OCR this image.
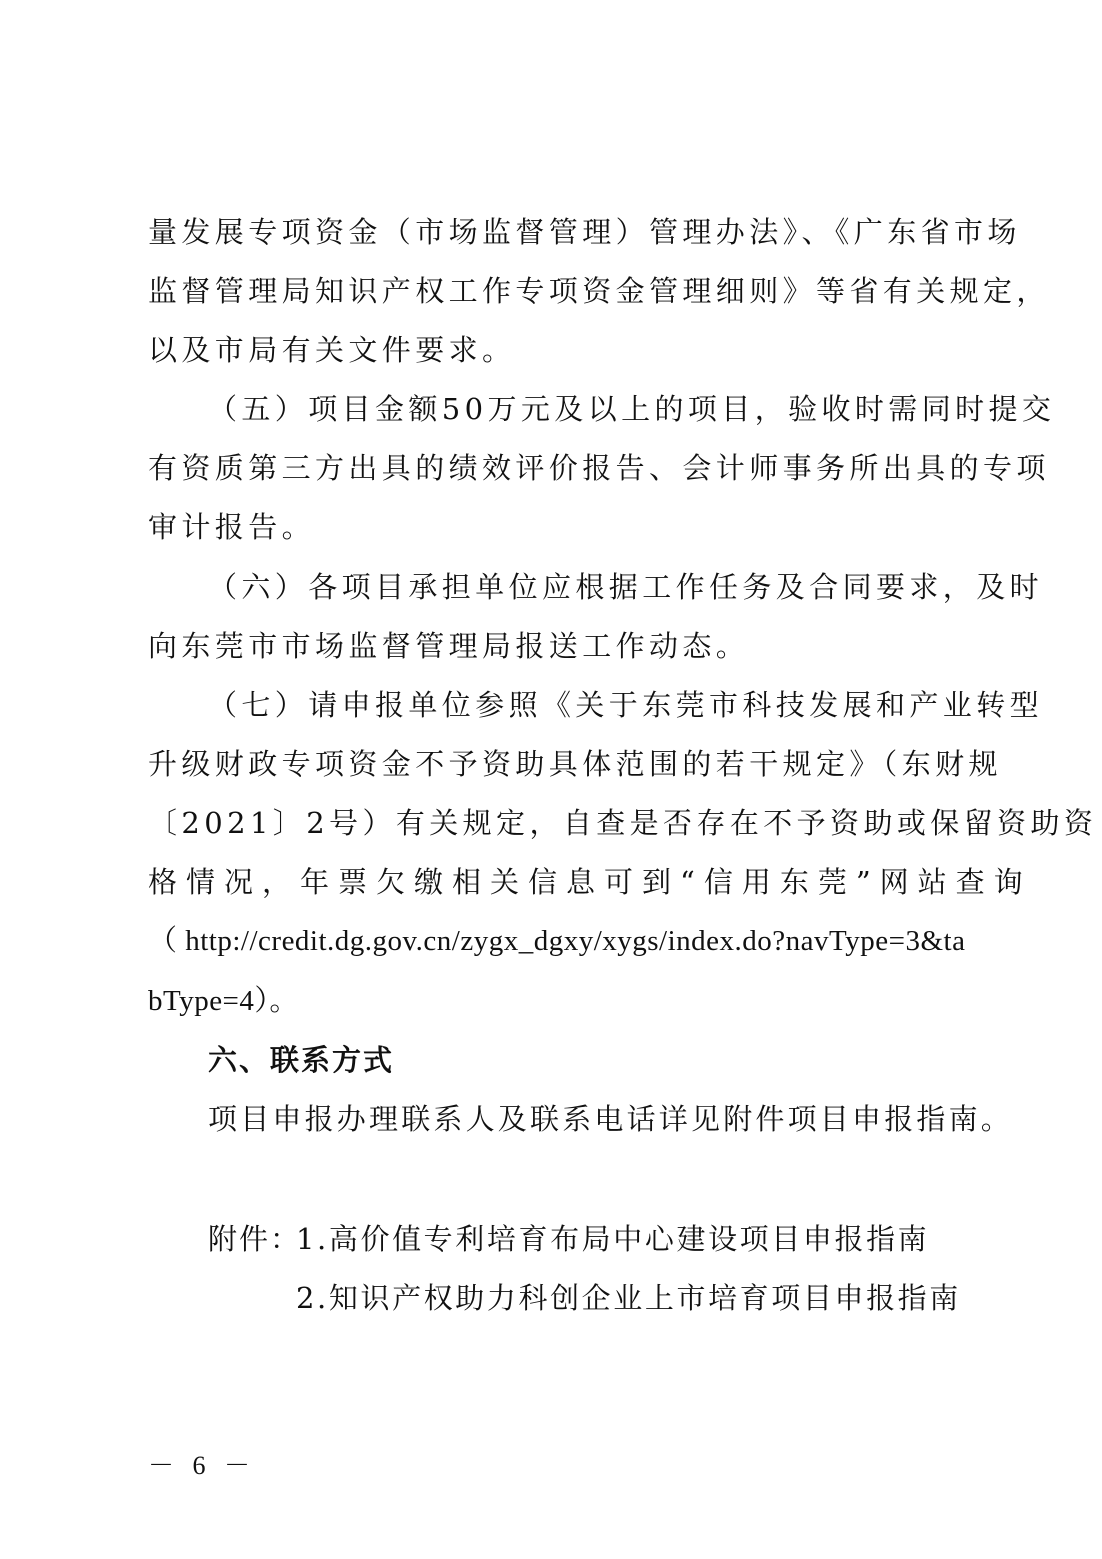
量发展专项资金（市场监督管理）管理办法》、《广东省市场
监督管理局知识产权工作专项资金管理细则》等省有关规定，
以及市局有关文件要求。
（五）项目金额50万元及以上的项目，验收时需同时提交
有资质第三方出具的绩效评价报告、会计师事务所出具的专项
审计报告。
（六）各项目承担单位应根据工作任务及合同要求，及时
向东莞市市场监督管理局报送工作动态。
（七）请申报单位参照《关于东莞市科技发展和产业转型
升级财政专项资金不予资助具体范围的若干规定》（东财规
〔2021〕2号）有关规定，自查是否存在不予资助或保留资助资
格情况，年票欠缴相关信息可到“信用东莞”网站查询
（ http://credit.dg.gov.cn/zygx_dgxy/xygs/index.do?navType=3&ta
bType=4）。
六、联系方式
项目申报办理联系人及联系电话详见附件项目申报指南。
附件：
1.高价值专利培育布局中心建设项目申报指南
2.知识产权助力科创企业上市培育项目申报指南
－ 6 －
